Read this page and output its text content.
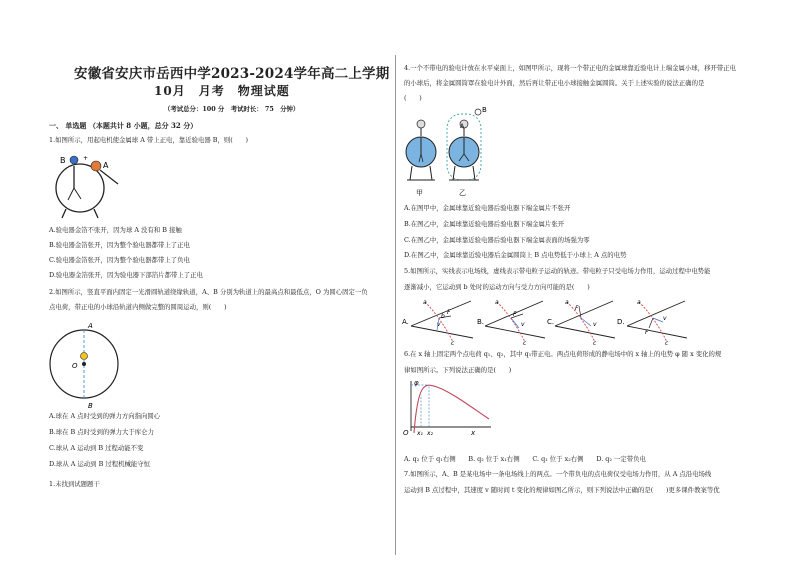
安徽省安庆市岳西中学2023-2024学年高二上学期
10月　月考　物理试题
（考试总分：100 分　考试时长： 75　分钟）
一、 单选题 （本题共计 8 小题，总分 32 分）
1.如图所示，用起电机使金属球 A 带上正电，靠近验电器 B，则(　　)
B	+
A
A.验电器金箔不张开，因为球 A 没有和 B 接触
B.验电器金箔张开，因为整个验电器都带上了正电
C.验电器金箔张开，因为整个验电器都带上了负电
D.验电器金箔张开，因为验电器下部箔片都带上了正电
2.如图所示，竖直平面内固定一光滑圆轨道绕缘轨道，A、B 分别为轨道上的最高点和最低点，O 为圆心固定一负
点电荷，带正电的小球沿轨道内侧做完整的圆周运动，则(　　)
A
O
B
A.球在 A 点时受到的弹力方向指向圆心
B.球在 B 点时受到的弹力大于库仑力
C.球从 A 运动到 B 过程动能不变
D.球从 A 运动到 B 过程机械能守恒
1.未找到试题题干
4.一个不带电的验电计放在水平桌面上，如图甲所示，现将一个带正电的金属球靠近验电计上端金属小球，移开带正电
的小球后，将金属圆筒罩在验电计外面，然后再让带正电小球接触金属圆筒。关于上述实验的说法正确的是
(　　)
甲
A
B
乙
A.在图甲中，金属球靠近验电器后验电器下端金属片不张开
B.在图乙中，金属球靠近验电器后验电器下端金属片张开
C.在图乙中，金属球靠近验电器后验电器下端金属表面的场强为零
D.在图乙中，金属球靠近验电器后金属圆筒上 B 点电势低于小球上 A 点的电势
5.如图所示，实线表示电场线，虚线表示带电粒子运动的轨迹。带电粒子只受电场力作用，运动过程中电势能
逐渐减小，它运动到 b 处时的运动方向与受力方向可能的是(　　)
A.
a
b
F
v
c
B.
a
F
v
c
C.
a
F
v
c
D.
a
F
v
c
6.在 x 轴上固定两个点电荷 q₁、q₂，其中 q₁带正电。两点电荷形成的静电场中的 x 轴上的电势 φ 随 x 变化的规
律如图所示。下列说法正确的是(　　)
φ
O x₁ x₂	x
A. q₂ 位于 q₁右侧　　B. q₂ 位于 x₁右侧　　C. q₁ 位于 x₂右侧　　D. q₂ 一定带负电
7.如图所示，A、B 是某电场中一条电场线上的两点。一个带负电的点电荷仅受电场力作用，从 A 点沿电场线
运动到 B 点过程中，其速度 v 随时间 t 变化的规律如图乙所示，则下列说法中正确的是(　　)更多课件教案等优
